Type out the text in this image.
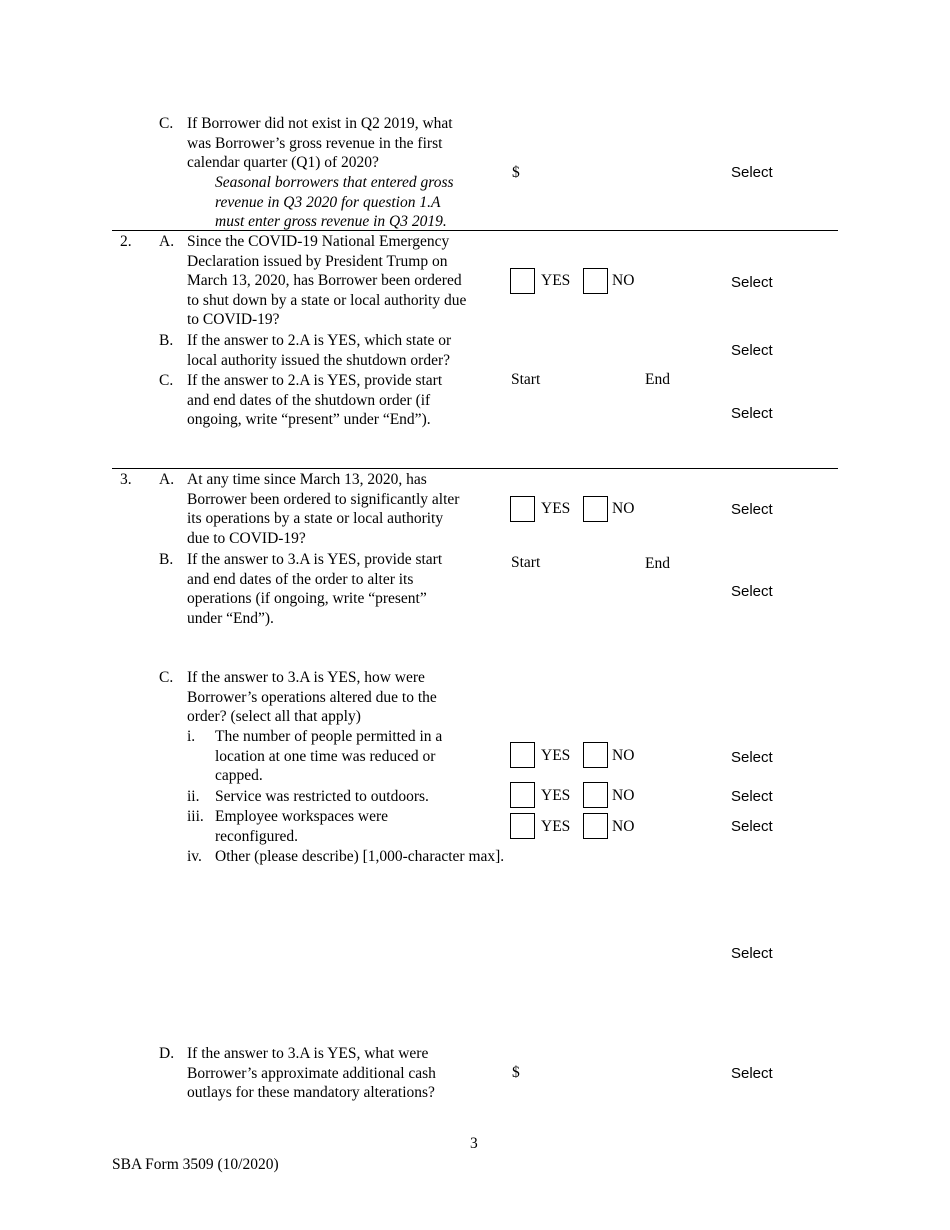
C. If Borrower did not exist in Q2 2019, what
was Borrower’s gross revenue in the first
calendar quarter (Q1) of 2020?
Seasonal borrowers that entered gross
revenue in Q3 2020 for question 1.A
must enter gross revenue in Q3 2019.
$	Select
2. A. Since the COVID-19 National Emergency
Declaration issued by President Trump on
March 13, 2020, has Borrower been ordered
to shut down by a state or local authority due
to COVID-19?
YES	NO	Select
B. If the answer to 2.A is YES, which state or
local authority issued the shutdown order?
Select
C. If the answer to 2.A is YES, provide start
and end dates of the shutdown order (if
ongoing, write “present” under “End”).
Start	End
Select
3. A. At any time since March 13, 2020, has
Borrower been ordered to significantly alter
its operations by a state or local authority
due to COVID-19?
YES	NO	Select
B. If the answer to 3.A is YES, provide start
and end dates of the order to alter its
operations (if ongoing, write “present”
under “End”).
Start	End
Select
C. If the answer to 3.A is YES, how were
Borrower’s operations altered due to the
order? (select all that apply)
i. The number of people permitted in a
location at one time was reduced or
capped.
YES	NO	Select
ii. Service was restricted to outdoors.	YES	NO	Select
iii. Employee workspaces were
reconfigured.
YES	NO	Select
iv. Other (please describe) [1,000-character max].
Select
D. If the answer to 3.A is YES, what were
Borrower’s approximate additional cash
outlays for these mandatory alterations?
$	Select
3
SBA Form 3509 (10/2020)
